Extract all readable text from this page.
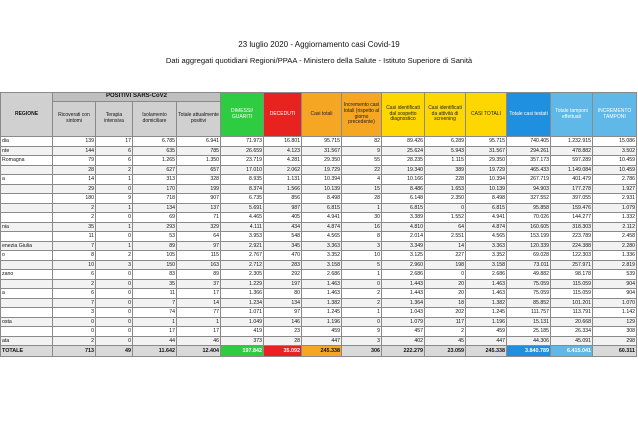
23 luglio 2020 - Aggiornamento casi Covid-19
Dati aggregati quotidiani Regioni/PPAA - Ministero della Salute - Istituto Superiore di Sanità
REGIONE	POSITIVI SARS-CoV2				DIMESSI/ GUARITI	DECEDUTI	Casi totali	Incremento casi totali (rispetto al giorno precedente)	Casi identificati dal sospetto diagnostico	Casi identificati da attività di screening	CASI TOTALI	Totale casi testati	Totale tamponi effettuati	INCREMENTO TAMPONI
	Ricoverati con sintomi	Terapia intensiva	Isolamento domiciliare	Totale attualmente positivi										
dia	139	17	6.785	6.941	71.973	16.801	95.715	82	89.426	6.289	95.715	740.405	1.232.915	15.086
nte	144	6	635	785	26.659	4.123	31.567	9	25.624	5.943	31.567	294.261	478.882	3.502
Romagna	79	6	1.265	1.350	23.719	4.281	29.350	55	28.235	1.115	29.350	357.173	597.289	10.459
	28	2	627	657	17.010	2.062	19.729	22	19.340	389	19.729	465.433	1.149.084	10.459
a	14	1	313	328	8.935	1.131	10.394	4	10.166	228	10.394	267.719	401.479	2.786
	29	0	170	199	8.374	1.566	10.139	15	8.486	1.653	10.139	94.903	177.278	1.927
	180	9	718	907	6.735	856	8.498	28	6.148	2.350	8.498	327.552	397.055	2.931
	2	1	134	137	5.691	987	6.815	1	6.815	0	6.815	95.858	159.476	1.079
	2	0	69	71	4.465	405	4.941	30	3.389	1.552	4.941	70.026	144.277	1.332
nia	35	1	293	329	4.111	434	4.874	16	4.810	64	4.874	160.605	318.303	2.112
	11	0	53	64	3.953	548	4.565	8	2.014	2.551	4.565	153.199	223.789	2.458
enezia Giulia	7	1	89	97	2.921	345	3.363	3	3.349	14	3.363	120.339	224.388	2.280
o	8	2	105	115	2.767	470	3.352	10	3.125	227	3.352	69.028	122.303	1.336
	10	3	150	163	2.712	283	3.158	5	2.960	198	3.158	73.011	257.971	2.819
zano	6	0	83	89	2.305	292	2.686	1	2.686	0	2.686	49.882	98.178	539
	2	0	35	37	1.229	197	1.463	0	1.443	20	1.463	75.059	115.059	904
a	6	0	11	17	1.366	80	1.463	2	1.443	20	1.463	75.059	115.059	904
	7	0	7	14	1.234	134	1.382	2	1.364	18	1.382	85.852	101.201	1.070
	3	0	74	77	1.071	97	1.245	1	1.043	202	1.245	111.757	113.791	1.142
osta	0	0	1	1	1.049	146	1.196	0	1.079	117	1.196	15.131	20.668	129
	0	0	17	17	419	23	459	9	457	2	459	25.185	26.334	308
ata	2	0	44	46	373	28	447	3	402	45	447	44.306	45.091	298
TOTALE	713	49	11.642	12.404	197.842	35.092	245.338	306	222.279	23.059	245.338	3.840.789	6.415.041	60.311
